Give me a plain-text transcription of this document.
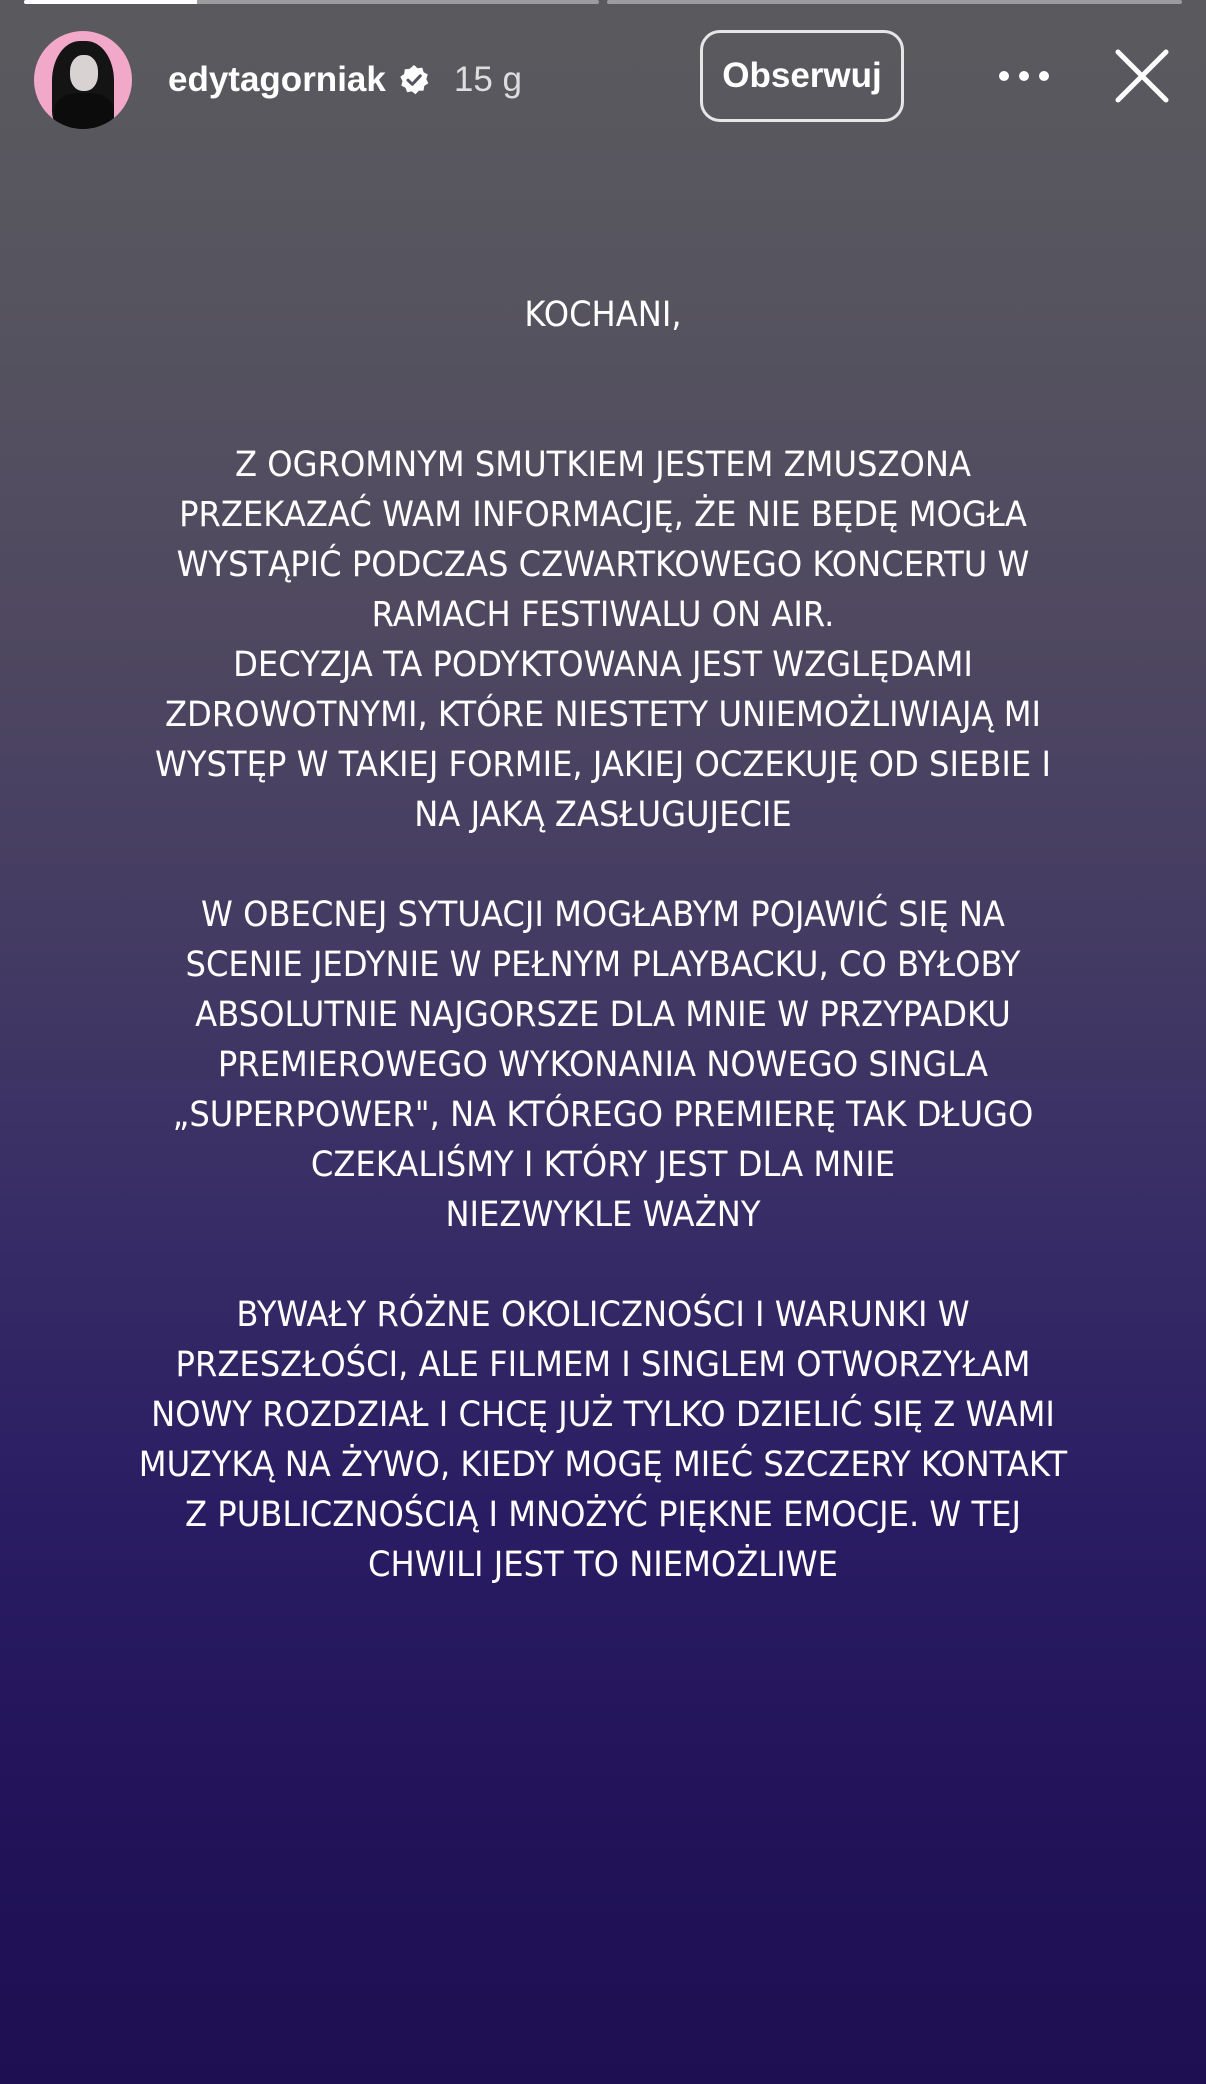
edytagorniak 15 g	Obserwuj

KOCHANI,

Z OGROMNYM SMUTKIEM JESTEM ZMUSZONA
PRZEKAZAĆ WAM INFORMACJĘ, ŻE NIE BĘDĘ MOGŁA
WYSTĄPIĆ PODCZAS CZWARTKOWEGO KONCERTU W
RAMACH FESTIWALU ON AIR.
DECYZJA TA PODYKTOWANA JEST WZGLĘDAMI
ZDROWOTNYMI, KTÓRE NIESTETY UNIEMOŻLIWIAJĄ MI
WYSTĘP W TAKIEJ FORMIE, JAKIEJ OCZEKUJĘ OD SIEBIE I
NA JAKĄ ZASŁUGUJECIE

W OBECNEJ SYTUACJI MOGŁABYM POJAWIĆ SIĘ NA
SCENIE JEDYNIE W PEŁNYM PLAYBACKU, CO BYŁOBY
ABSOLUTNIE NAJGORSZE DLA MNIE W PRZYPADKU
PREMIEROWEGO WYKONANIA NOWEGO SINGLA
„SUPERPOWER", NA KTÓREGO PREMIERĘ TAK DŁUGO
CZEKALIŚMY I KTÓRY JEST DLA MNIE
NIEZWYKLE WAŻNY

BYWAŁY RÓŻNE OKOLICZNOŚCI I WARUNKI W
PRZESZŁOŚCI, ALE FILMEM I SINGLEM OTWORZYŁAM
NOWY ROZDZIAŁ I CHCĘ JUŻ TYLKO DZIELIĆ SIĘ Z WAMI
MUZYKĄ NA ŻYWO, KIEDY MOGĘ MIEĆ SZCZERY KONTAKT
Z PUBLICZNOŚCIĄ I MNOŻYĆ PIĘKNE EMOCJE. W TEJ
CHWILI JEST TO NIEMOŻLIWE
